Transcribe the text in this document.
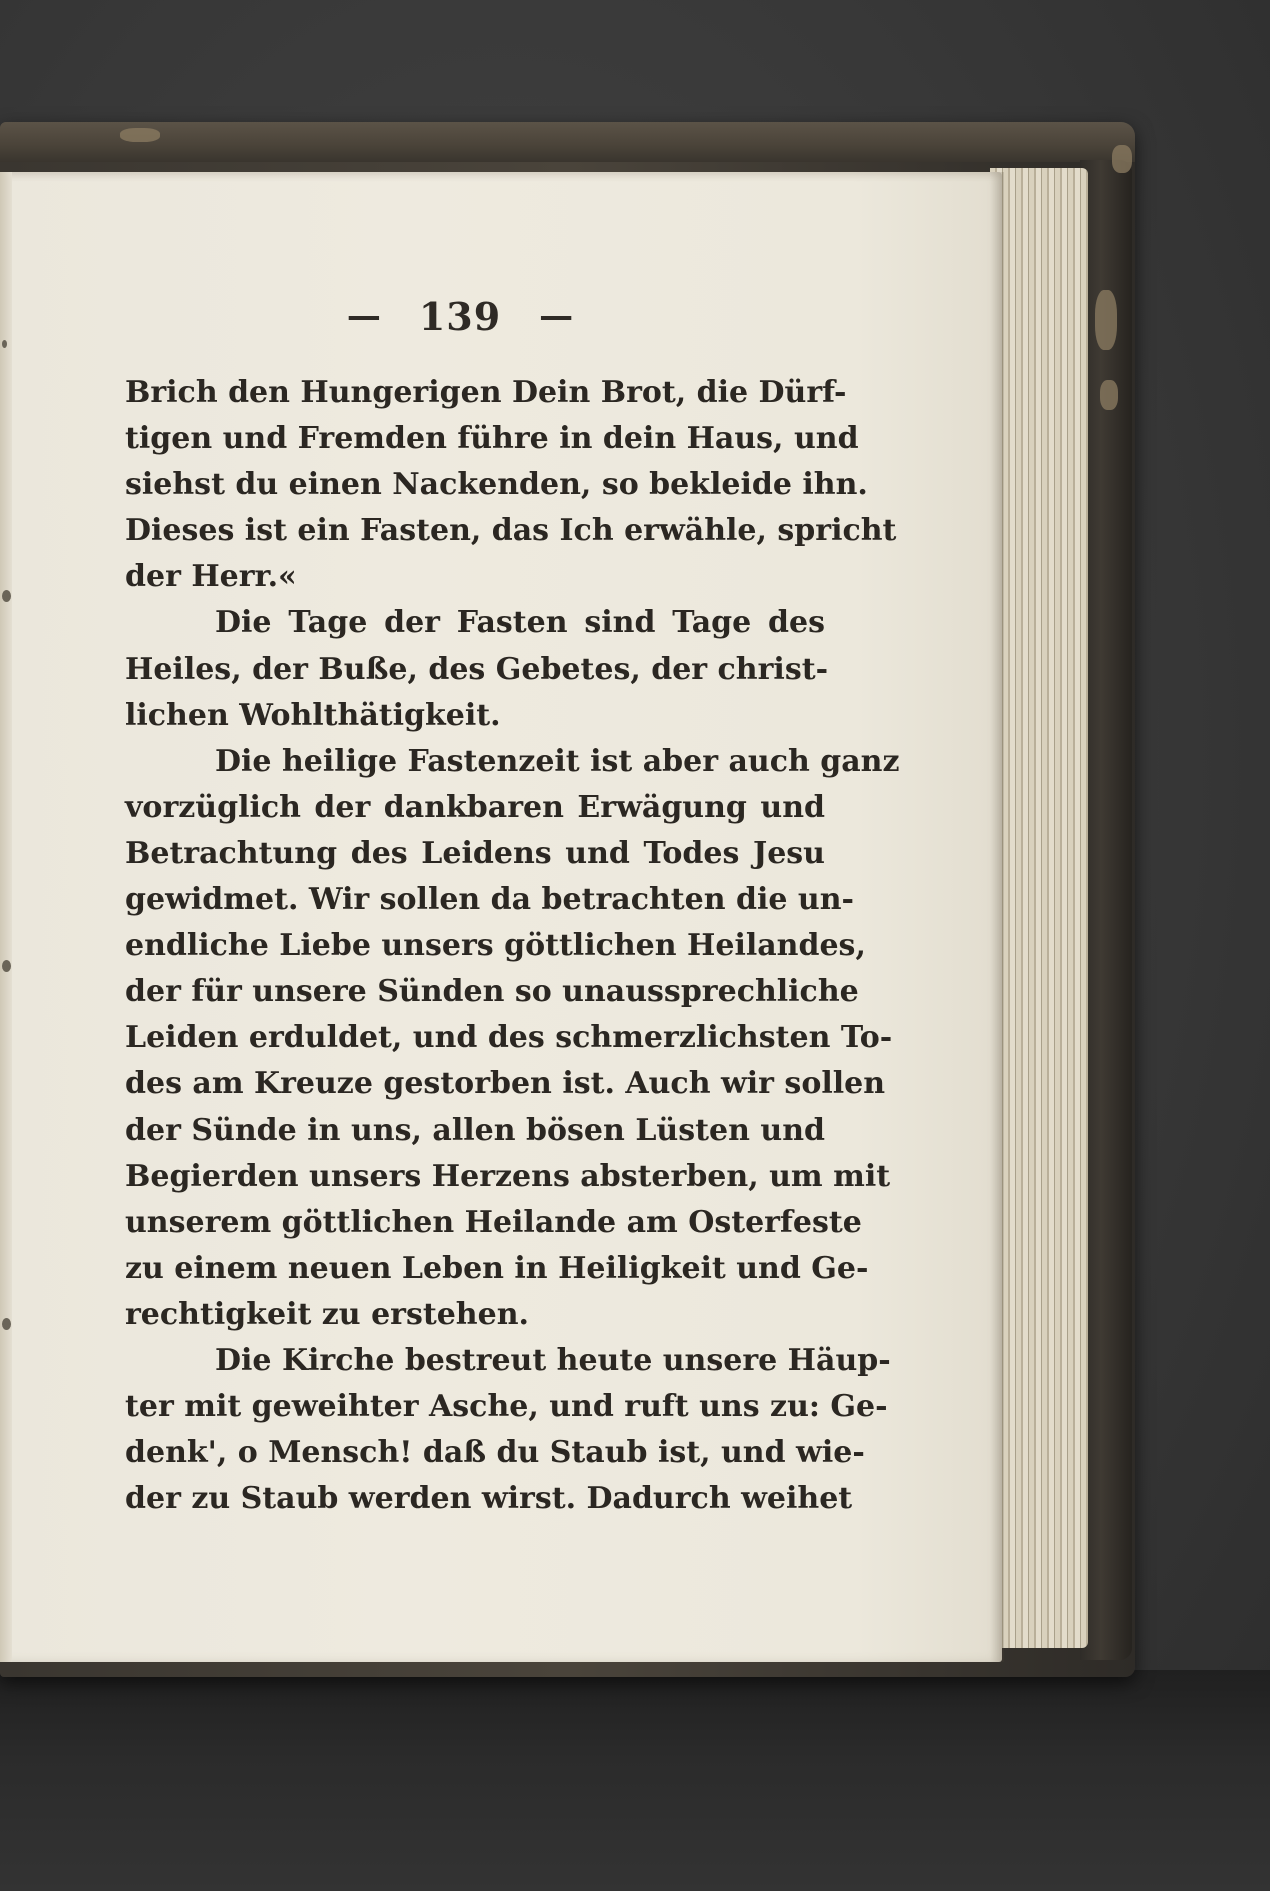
— 139 —
Brich den Hungerigen Dein Brot, die Dürf-
tigen und Fremden führe in dein Haus, und
siehst du einen Nackenden, so bekleide ihn.
Dieses ist ein Fasten, das Ich erwähle, spricht
der Herr.«
Die Tage der Fasten sind Tage des
Heiles, der Buße, des Gebetes, der christ-
lichen Wohlthätigkeit.
Die heilige Fastenzeit ist aber auch ganz
vorzüglich der dankbaren Erwägung und
Betrachtung des Leidens und Todes Jesu
gewidmet. Wir sollen da betrachten die un-
endliche Liebe unsers göttlichen Heilandes,
der für unsere Sünden so unaussprechliche
Leiden erduldet, und des schmerzlichsten To-
des am Kreuze gestorben ist. Auch wir sollen
der Sünde in uns, allen bösen Lüsten und
Begierden unsers Herzens absterben, um mit
unserem göttlichen Heilande am Osterfeste
zu einem neuen Leben in Heiligkeit und Ge-
rechtigkeit zu erstehen.
Die Kirche bestreut heute unsere Häup-
ter mit geweihter Asche, und ruft uns zu: Ge-
denk', o Mensch! daß du Staub ist, und wie-
der zu Staub werden wirst. Dadurch weihet
